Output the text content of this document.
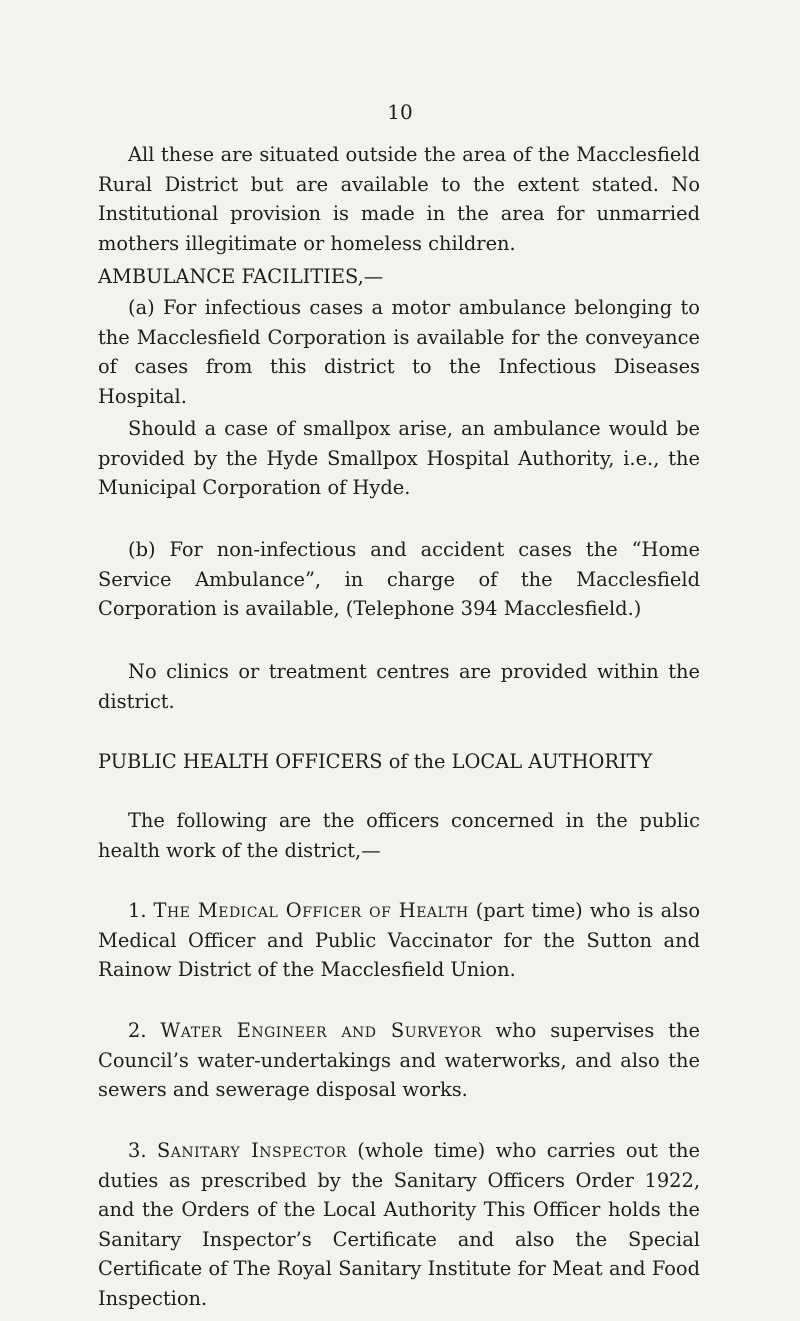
10

All these are situated outside the area of the Macclesfield Rural District but are available to the extent stated. No Institutional provision is made in the area for unmarried mothers illegitimate or homeless children.

AMBULANCE FACILITIES,—

(a) For infectious cases a motor ambulance belonging to the Macclesfield Corporation is available for the conveyance of cases from this district to the Infectious Diseases Hospital.

Should a case of smallpox arise, an ambulance would be provided by the Hyde Smallpox Hospital Authority, i.e., the Municipal Corporation of Hyde.

(b) For non-infectious and accident cases the “Home Service Ambulance”, in charge of the Macclesfield Corporation is available, (Telephone 394 Macclesfield.)

No clinics or treatment centres are provided within the district.

PUBLIC HEALTH OFFICERS of the LOCAL AUTHORITY

The following are the officers concerned in the public health work of the district,—

1. The Medical Officer of Health (part time) who is also Medical Officer and Public Vaccinator for the Sutton and Rainow District of the Macclesfield Union.

2. Water Engineer and Surveyor who supervises the Council’s water-undertakings and waterworks, and also the sewers and sewerage disposal works.

3. Sanitary Inspector (whole time) who carries out the duties as prescribed by the Sanitary Officers Order 1922, and the Orders of the Local Authority This Officer holds the Sanitary Inspector’s Certificate and also the Special Certificate of The Royal Sanitary Institute for Meat and Food Inspection.
